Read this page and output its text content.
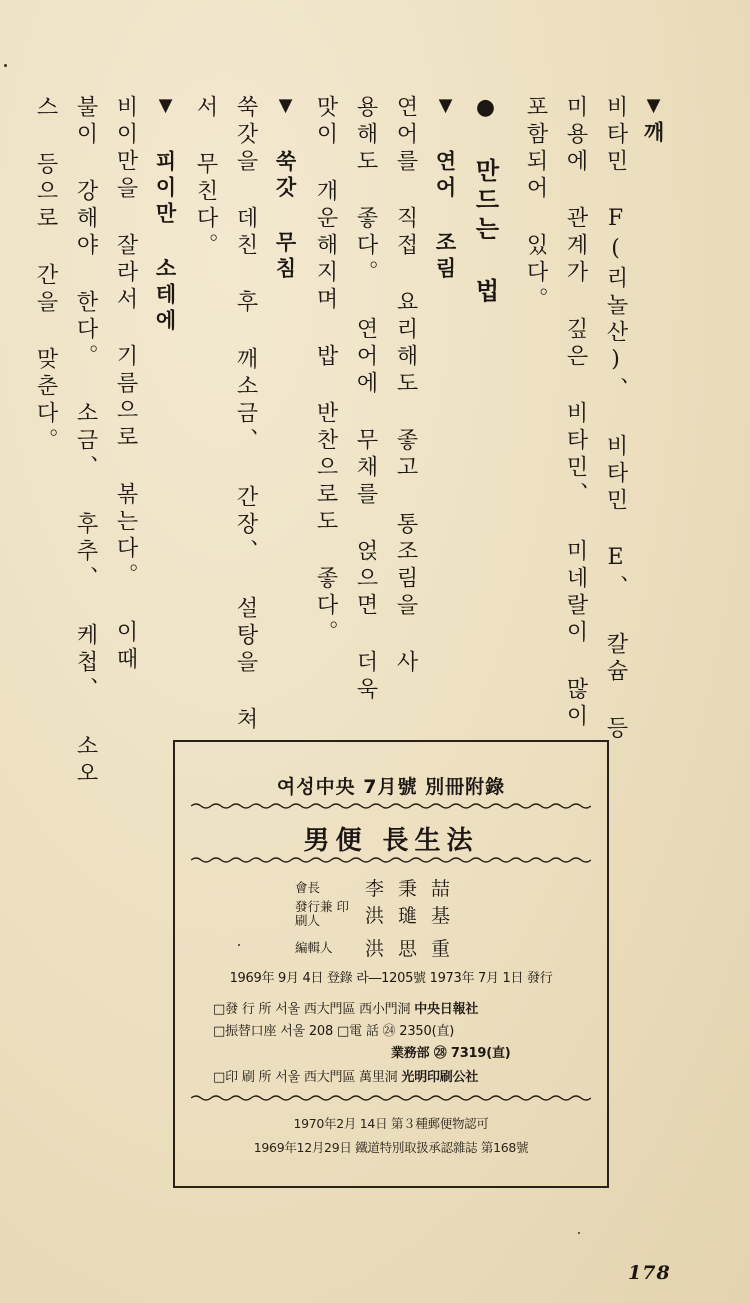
▼깨
비타민 F(리놀산)、 비타민 E、 칼슘 등
미용에 관계가 깊은 비타민、 미네랄이 많이
포함되어 있다。
● 만드는 법
▼ 연어 조림
연어를 직접 요리해도 좋고 통조림을 사
용해도 좋다。 연어에 무채를 얹으면 더욱
맛이 개운해지며 밥 반찬으로도 좋다。
▼ 쑥갓 무침
쑥갓을 데친 후 깨소금、 간장、 설탕을 쳐
서 무친다。
▼ 피이만 소테에
비이만을 잘라서 기름으로 볶는다。 이때
불이 강해야 한다。 소금、 후추、 케첩、 소오
스 등으로 간을 맞춘다。
여성中央 7月號 別冊附錄
男便 長生法
會長	李秉喆
發行兼 印刷人	洪璡基
編輯人	洪思重
1969年 9月 4日 登錄 라―1205號 1973年 7月 1日 發行
□發 行 所 서울 西大門區 西小門洞 中央日報社
□振替口座 서울 208 □電 話 ㉔ 2350(直)
業務部 ㉘ 7319(直)
□印 刷 所 서울 西大門區 萬里洞 光明印刷公社
1970年2月 14日 第３種郵便物認可
1969年12月29日 鐵道特別取扱承認雜誌 第168號
178
